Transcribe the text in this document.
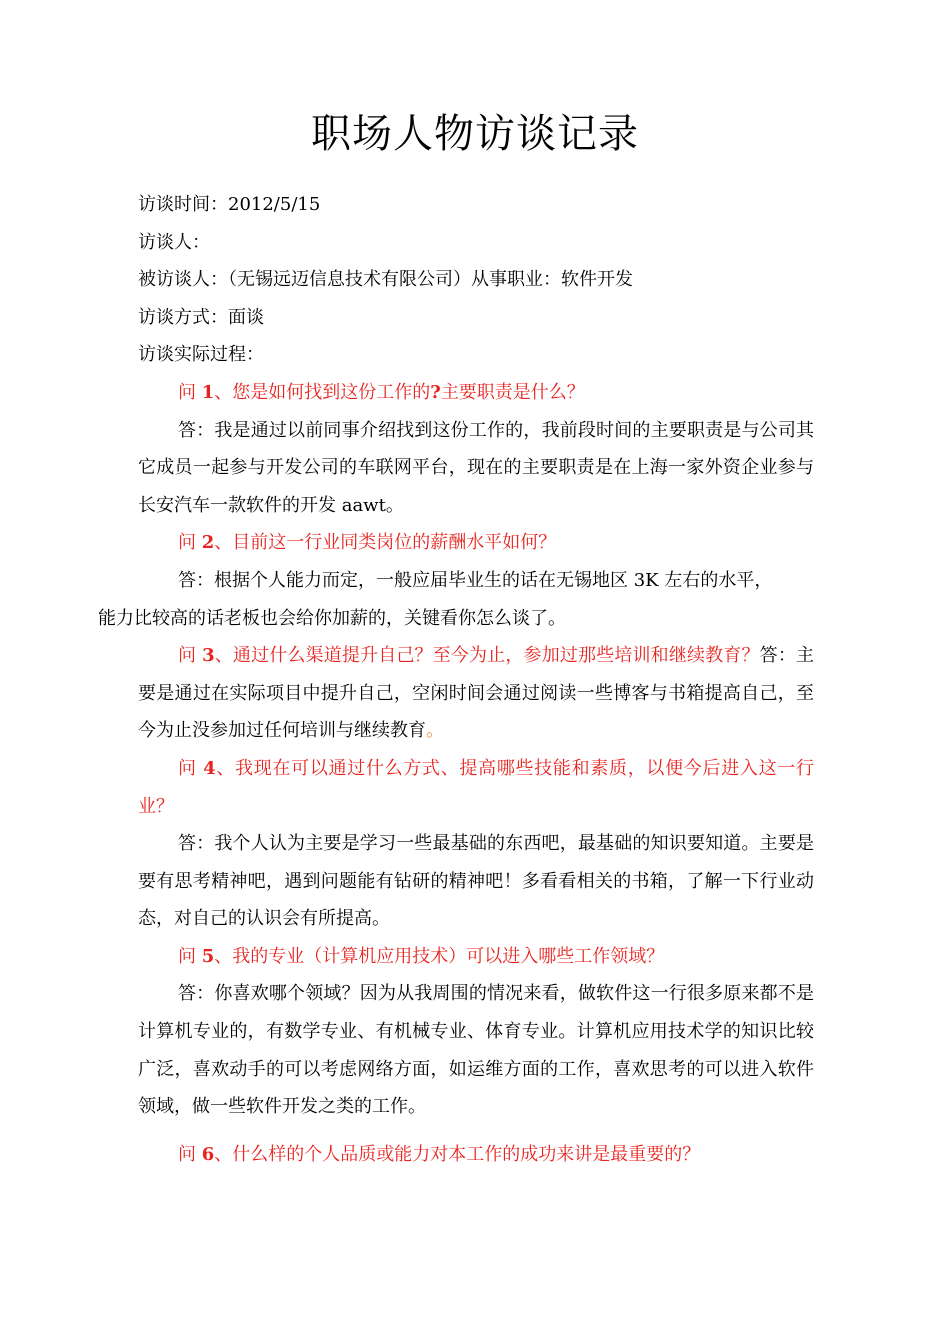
职场人物访谈记录

访谈时间：2012/5/15

访谈人：

被访谈人：（无锡远迈信息技术有限公司）从事职业：软件开发

访谈方式：面谈

访谈实际过程：

问 1、您是如何找到这份工作的?主要职责是什么？

答：我是通过以前同事介绍找到这份工作的，我前段时间的主要职责是与公司其它成员一起参与开发公司的车联网平台，现在的主要职责是在上海一家外资企业参与长安汽车一款软件的开发 aawt。

问 2、目前这一行业同类岗位的薪酬水平如何？

答：根据个人能力而定，一般应届毕业生的话在无锡地区 3K 左右的水平，
能力比较高的话老板也会给你加薪的，关键看你怎么谈了。

问 3、通过什么渠道提升自己？至今为止，参加过那些培训和继续教育？答：主要是通过在实际项目中提升自己，空闲时间会通过阅读一些博客与书箱提高自己，至今为止没参加过任何培训与继续教育。

问 4、我现在可以通过什么方式、提高哪些技能和素质，以便今后进入这一行业？

答：我个人认为主要是学习一些最基础的东西吧，最基础的知识要知道。主要是要有思考精神吧，遇到问题能有钻研的精神吧！多看看相关的书箱，了解一下行业动态，对自己的认识会有所提高。

问 5、我的专业（计算机应用技术）可以进入哪些工作领域？

答：你喜欢哪个领域？因为从我周围的情况来看，做软件这一行很多原来都不是计算机专业的，有数学专业、有机械专业、体育专业。计算机应用技术学的知识比较广泛，喜欢动手的可以考虑网络方面，如运维方面的工作，喜欢思考的可以进入软件领域，做一些软件开发之类的工作。

问 6、什么样的个人品质或能力对本工作的成功来讲是最重要的？
